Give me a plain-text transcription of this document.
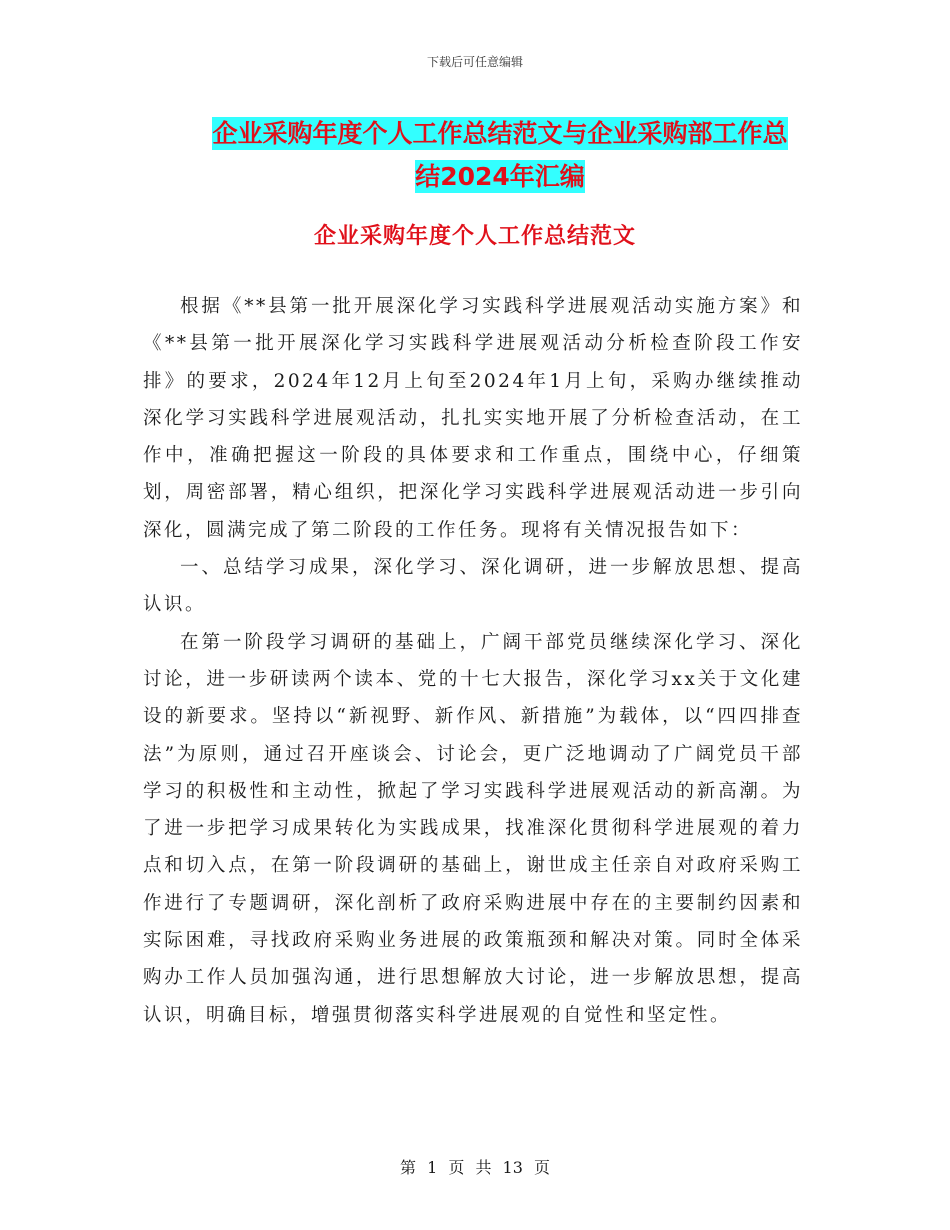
下载后可任意编辑
企业采购年度个人工作总结范文与企业采购部工作总
结2024年汇编
企业采购年度个人工作总结范文

根据《**县第一批开展深化学习实践科学进展观活动实施方案》和《**县第一批开展深化学习实践科学进展观活动分析检查阶段工作安排》的要求，2024年12月上旬至2024年1月上旬，采购办继续推动深化学习实践科学进展观活动，扎扎实实地开展了分析检查活动，在工作中，准确把握这一阶段的具体要求和工作重点，围绕中心，仔细策划，周密部署，精心组织，把深化学习实践科学进展观活动进一步引向深化，圆满完成了第二阶段的工作任务。现将有关情况报告如下：

一、总结学习成果，深化学习、深化调研，进一步解放思想、提高认识。

在第一阶段学习调研的基础上，广阔干部党员继续深化学习、深化讨论，进一步研读两个读本、党的十七大报告，深化学习xx关于文化建设的新要求。坚持以“新视野、新作风、新措施”为载体，以“四四排查法”为原则，通过召开座谈会、讨论会，更广泛地调动了广阔党员干部学习的积极性和主动性，掀起了学习实践科学进展观活动的新高潮。为了进一步把学习成果转化为实践成果，找准深化贯彻科学进展观的着力点和切入点，在第一阶段调研的基础上，谢世成主任亲自对政府采购工作进行了专题调研，深化剖析了政府采购进展中存在的主要制约因素和实际困难，寻找政府采购业务进展的政策瓶颈和解决对策。同时全体采购办工作人员加强沟通，进行思想解放大讨论，进一步解放思想，提高认识，明确目标，增强贯彻落实科学进展观的自觉性和坚定性。

第 1 页 共 13 页
